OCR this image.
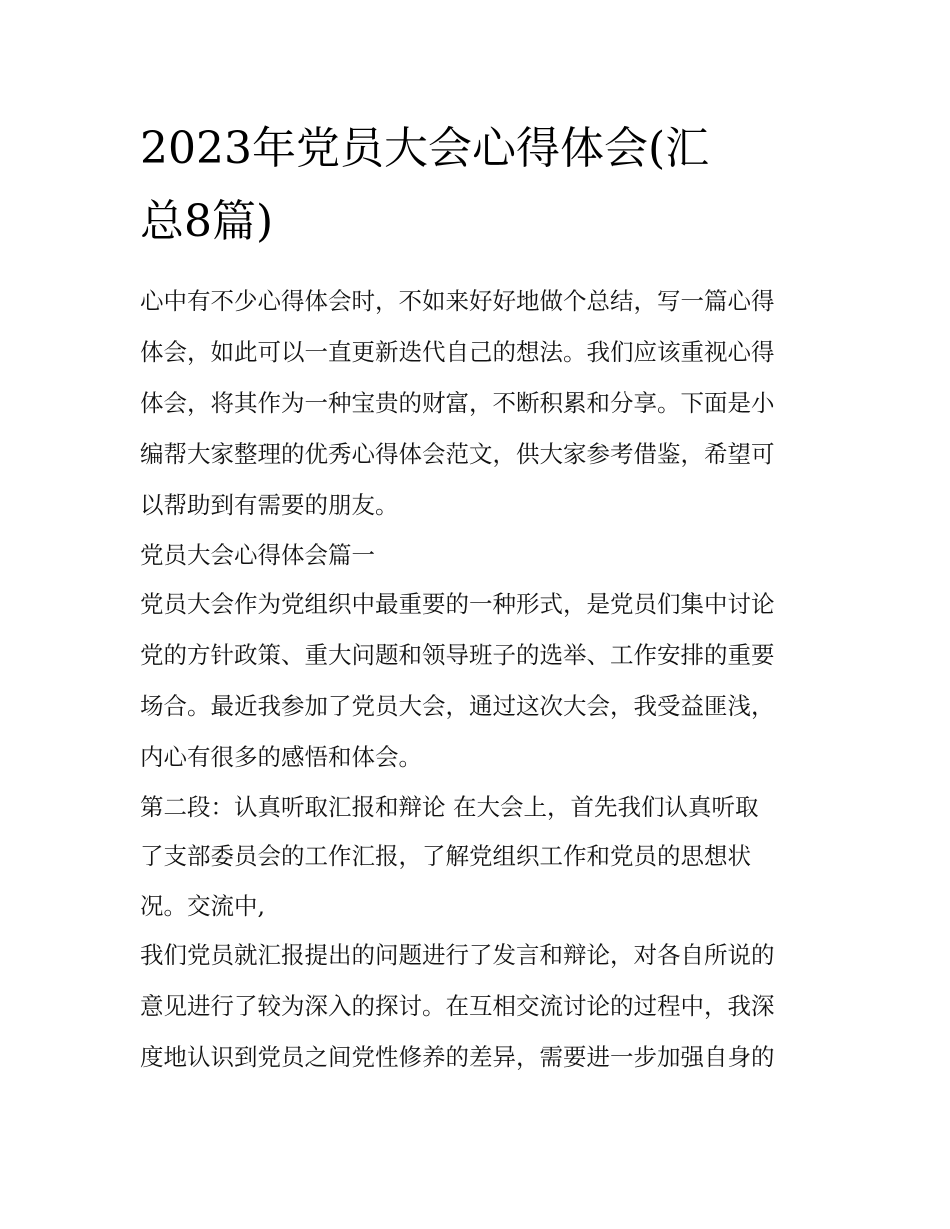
2023年党员大会心得体会(汇
总8篇)
心中有不少心得体会时，不如来好好地做个总结，写一篇心得
体会，如此可以一直更新迭代自己的想法。我们应该重视心得
体会，将其作为一种宝贵的财富，不断积累和分享。下面是小
编帮大家整理的优秀心得体会范文，供大家参考借鉴，希望可
以帮助到有需要的朋友。
党员大会心得体会篇一
党员大会作为党组织中最重要的一种形式，是党员们集中讨论
党的方针政策、重大问题和领导班子的选举、工作安排的重要
场合。最近我参加了党员大会，通过这次大会，我受益匪浅，
内心有很多的感悟和体会。
第二段：认真听取汇报和辩论 在大会上，首先我们认真听取
了支部委员会的工作汇报，了解党组织工作和党员的思想状
况。交流中,
我们党员就汇报提出的问题进行了发言和辩论，对各自所说的
意见进行了较为深入的探讨。在互相交流讨论的过程中，我深
度地认识到党员之间党性修养的差异，需要进一步加强自身的
